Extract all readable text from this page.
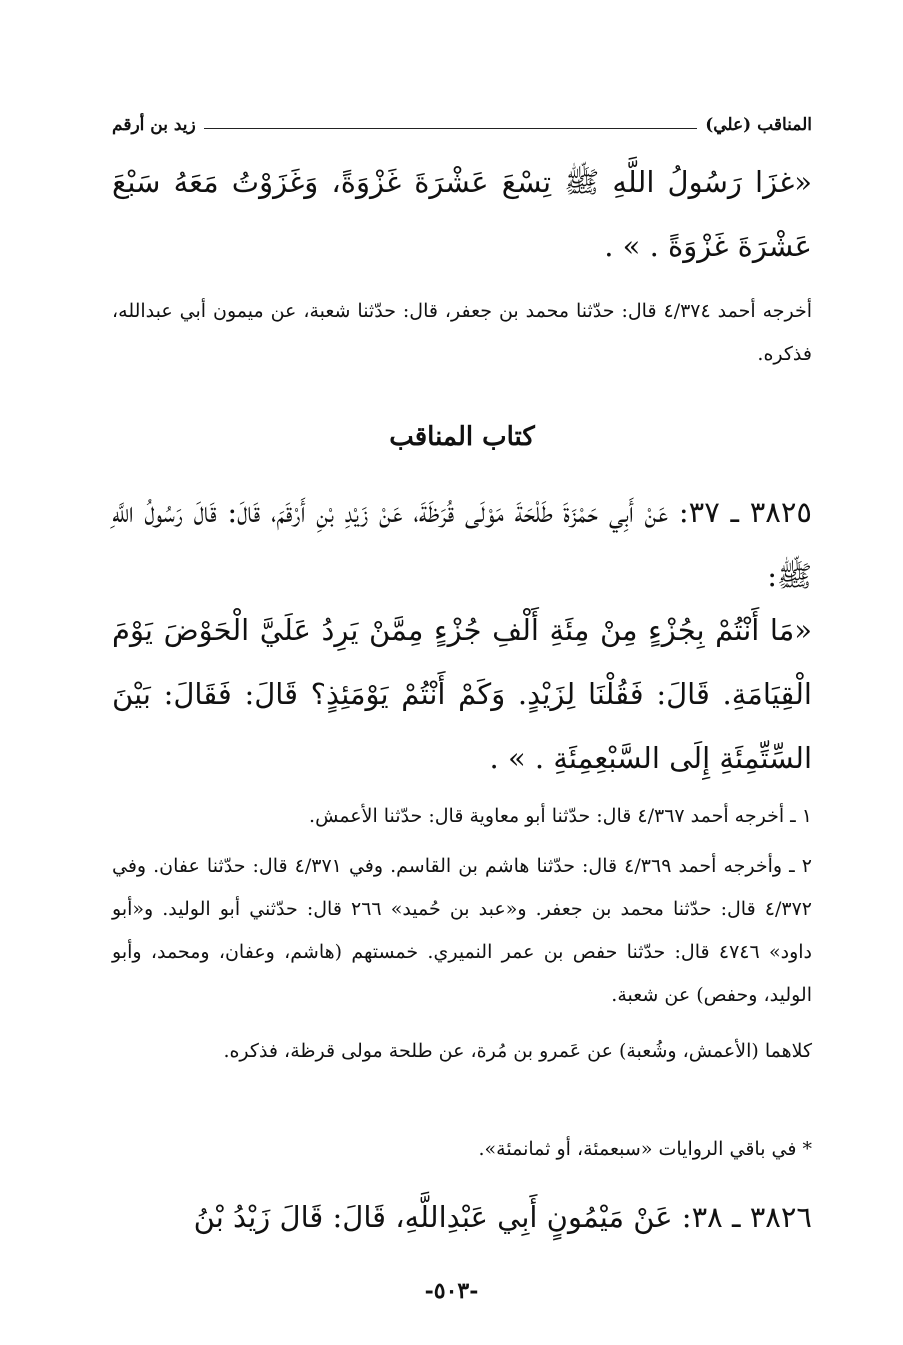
المناقب (علي)
زيد بن أرقم
«غزَا رَسُولُ اللَّهِ ﷺ تِسْعَ عَشْرَةَ غَزْوَةً، وَغَزَوْتُ مَعَهُ سَبْعَ عَشْرَةَ غَزْوَةً . » .
أخرجه أحمد ٤/٣٧٤ قال: حدّثنا محمد بن جعفر، قال: حدّثنا شعبة، عن ميمون أبي عبدالله، فذكره.
كتاب المناقب
٣٨٢٥ ـ ٣٧: عَنْ أَبِي حَمْزَةَ طَلْحَةَ مَوْلَى قُرَظَةَ، عَنْ زَيْدِ بْنِ أَرْقَمَ، قَالَ: قَالَ رَسُولُ اللَّهِ ﷺ:
«مَا أَنْتُمْ بِجُزْءٍ مِنْ مِئَةِ أَلْفِ جُزْءٍ مِمَّنْ يَرِدُ عَلَيَّ الْحَوْضَ يَوْمَ الْقِيَامَةِ. قَالَ: فَقُلْنَا لِزَيْدٍ. وَكَمْ أَنْتُمْ يَوْمَئِذٍ؟ قَالَ: فَقَالَ: بَيْنَ السِّتِّمِئَةِ إِلَى السَّبْعِمِئَةِ . » .
١ ـ أخرجه أحمد ٤/٣٦٧ قال: حدّثنا أبو معاوية قال: حدّثنا الأعمش.
٢ ـ وأخرجه أحمد ٤/٣٦٩ قال: حدّثنا هاشم بن القاسم. وفي ٤/٣٧١ قال: حدّثنا عفان. وفي ٤/٣٧٢ قال: حدّثنا محمد بن جعفر. و«عبد بن حُميد» ٢٦٦ قال: حدّثني أبو الوليد. و«أبو داود» ٤٧٤٦ قال: حدّثنا حفص بن عمر النميري. خمستهم (هاشم، وعفان، ومحمد، وأبو الوليد، وحفص) عن شعبة.
كلاهما (الأعمش، وشُعبة) عن عَمرو بن مُرة، عن طلحة مولى قرظة، فذكره.
* في باقي الروايات «سبعمئة، أو ثمانمئة».
٣٨٢٦ ـ ٣٨: عَنْ مَيْمُونٍ أَبِي عَبْدِاللَّهِ، قَالَ: قَالَ زَيْدُ بْنُ
-٥٠٣-
